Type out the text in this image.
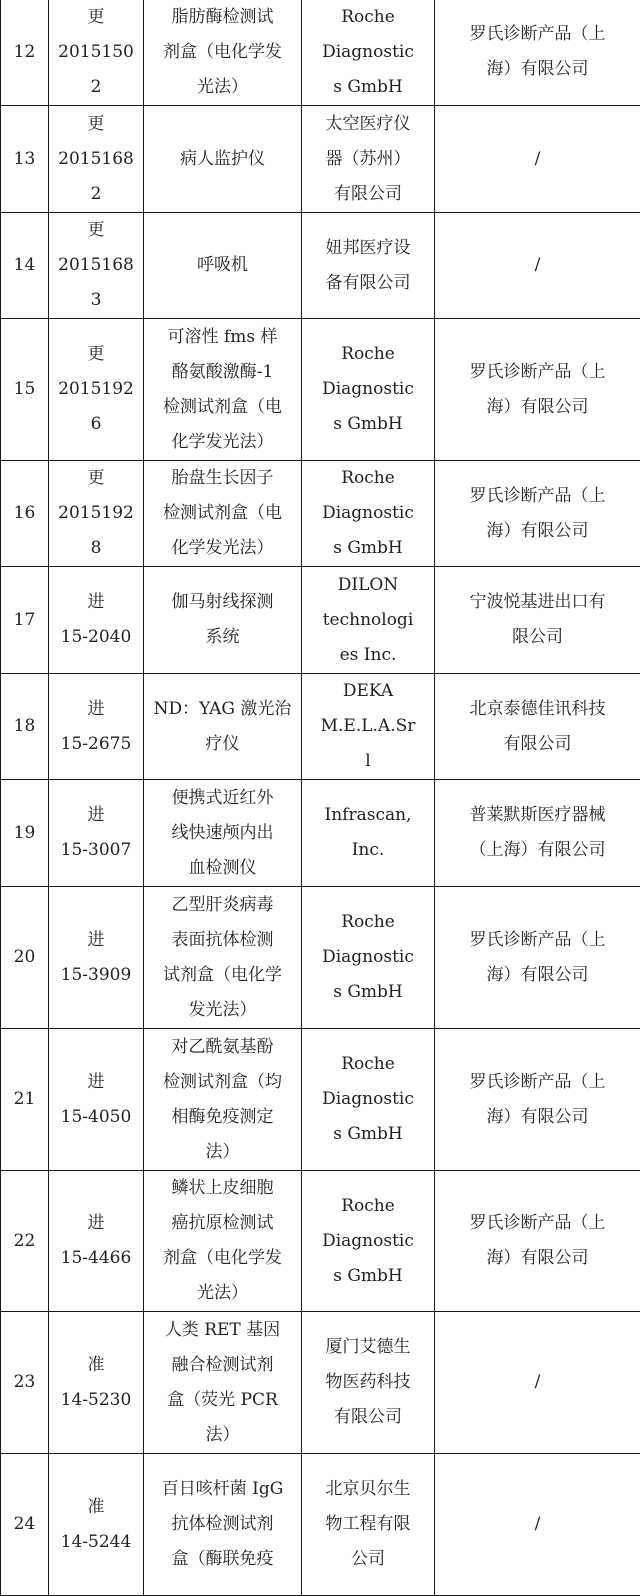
12	更
2015150
2	脂肪酶检测试
剂盒（电化学发
光法）	Roche
Diagnostic
s GmbH	罗氏诊断产品（上
海）有限公司
13	更
2015168
2	病人监护仪	太空医疗仪
器（苏州）
有限公司	/
14	更
2015168
3	呼吸机	妞邦医疗设
备有限公司	/
15	更
2015192
6	可溶性 fms 样
酪氨酸激酶-1
检测试剂盒（电
化学发光法）	Roche
Diagnostic
s GmbH	罗氏诊断产品（上
海）有限公司
16	更
2015192
8	胎盘生长因子
检测试剂盒（电
化学发光法）	Roche
Diagnostic
s GmbH	罗氏诊断产品（上
海）有限公司
17	进
15-2040	伽马射线探测
系统	DILON
technologi
es Inc.	宁波悦基进出口有
限公司
18	进
15-2675	ND：YAG 激光治
疗仪	DEKA
M.E.L.A.Sr
l	北京泰德佳讯科技
有限公司
19	进
15-3007	便携式近红外
线快速颅内出
血检测仪	Infrascan,
Inc.	普莱默斯医疗器械
（上海）有限公司
20	进
15-3909	乙型肝炎病毒
表面抗体检测
试剂盒（电化学
发光法）	Roche
Diagnostic
s GmbH	罗氏诊断产品（上
海）有限公司
21	进
15-4050	对乙酰氨基酚
检测试剂盒（均
相酶免疫测定
法）	Roche
Diagnostic
s GmbH	罗氏诊断产品（上
海）有限公司
22	进
15-4466	鳞状上皮细胞
癌抗原检测试
剂盒（电化学发
光法）	Roche
Diagnostic
s GmbH	罗氏诊断产品（上
海）有限公司
23	准
14-5230	人类 RET 基因
融合检测试剂
盒（荧光 PCR
法）	厦门艾德生
物医药科技
有限公司	/
24	准
14-5244	百日咳杆菌 IgG
抗体检测试剂
盒（酶联免疫	北京贝尔生
物工程有限
公司	/
